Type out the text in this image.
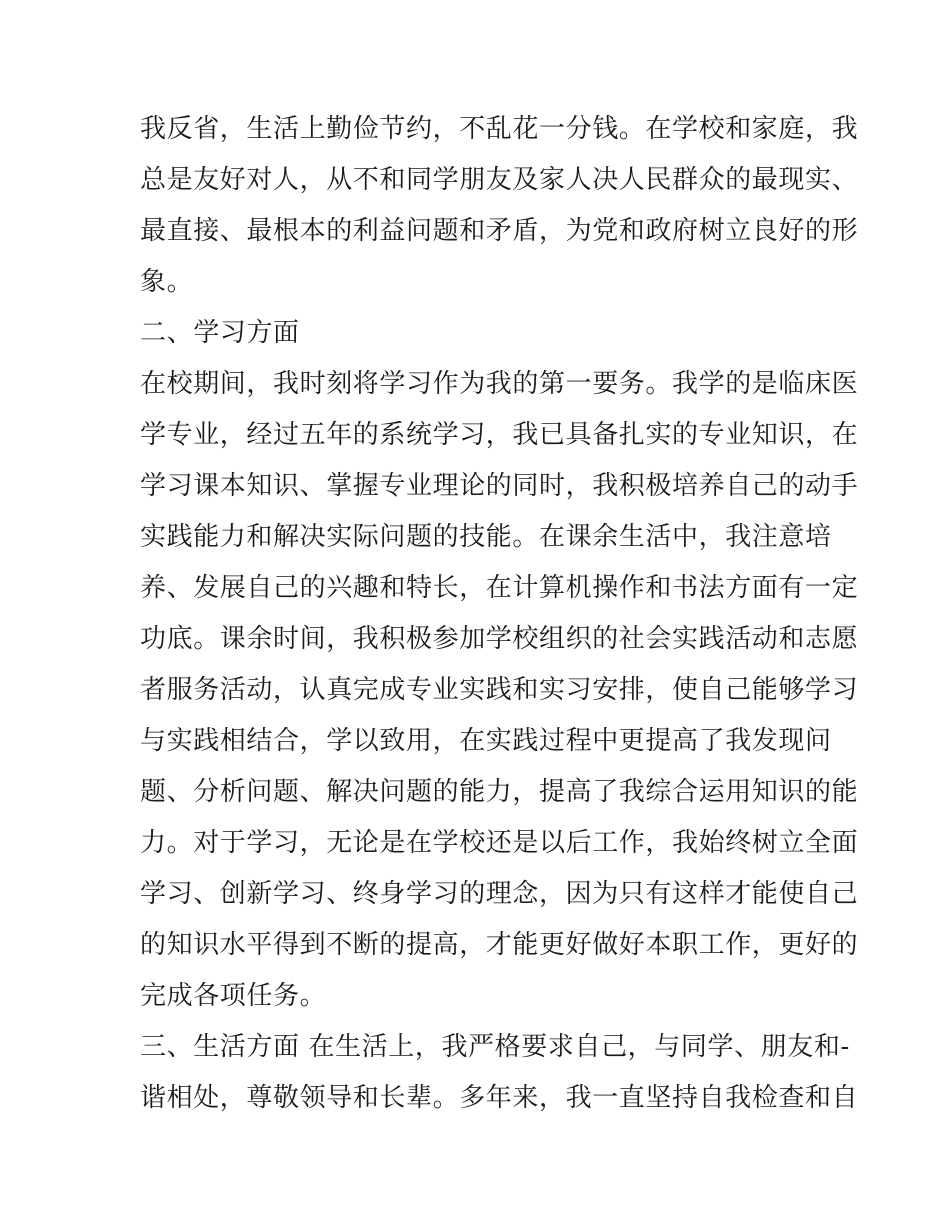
我反省，生活上勤俭节约，不乱花一分钱。在学校和家庭，我
总是友好对人，从不和同学朋友及家人决人民群众的最现实、
最直接、最根本的利益问题和矛盾，为党和政府树立良好的形
象。
二、学习方面
在校期间，我时刻将学习作为我的第一要务。我学的是临床医
学专业，经过五年的系统学习，我已具备扎实的专业知识，在
学习课本知识、掌握专业理论的同时，我积极培养自己的动手
实践能力和解决实际问题的技能。在课余生活中，我注意培
养、发展自己的兴趣和特长，在计算机操作和书法方面有一定
功底。课余时间，我积极参加学校组织的社会实践活动和志愿
者服务活动，认真完成专业实践和实习安排，使自己能够学习
与实践相结合，学以致用，在实践过程中更提高了我发现问
题、分析问题、解决问题的能力，提高了我综合运用知识的能
力。对于学习，无论是在学校还是以后工作，我始终树立全面
学习、创新学习、终身学习的理念，因为只有这样才能使自己
的知识水平得到不断的提高，才能更好做好本职工作，更好的
完成各项任务。
三、生活方面 在生活上，我严格要求自己，与同学、朋友和-
谐相处，尊敬领导和长辈。多年来，我一直坚持自我检查和自
